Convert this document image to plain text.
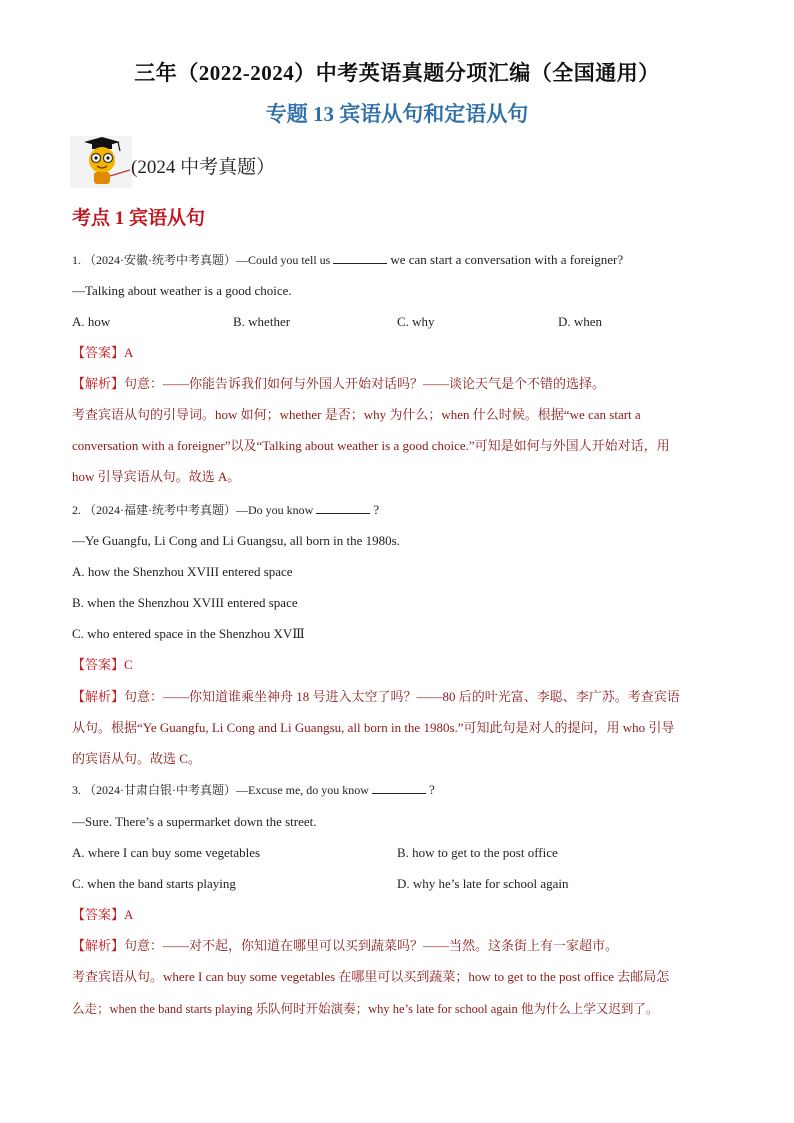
三年（2022-2024）中考英语真题分项汇编（全国通用）
专题 13 宾语从句和定语从句
(2024 中考真题）
考点 1 宾语从句
1. （2024·安徽·统考中考真题）—Could you tell us	we can start a conversation with a foreigner?
—Talking about weather is a good choice.
A. how	B. whether	C. why	D. when
【答案】A
【解析】句意：——你能告诉我们如何与外国人开始对话吗？——谈论天气是个不错的选择。
考查宾语从句的引导词。how 如何；whether 是否；why 为什么；when 什么时候。根据“we can start a
conversation with a foreigner”以及“Talking about weather is a good choice.”可知是如何与外国人开始对话，用
how 引导宾语从句。故选 A。
2. （2024·福建·统考中考真题）—Do you know	?
—Ye Guangfu, Li Cong and Li Guangsu, all born in the 1980s.
A. how the Shenzhou XVIII entered space
B. when the Shenzhou XVIII entered space
C. who entered space in the Shenzhou XVⅢ
【答案】C
【解析】句意：——你知道谁乘坐神舟 18 号进入太空了吗？——80 后的叶光富、李聪、李广苏。考查宾语
从句。根据“Ye Guangfu, Li Cong and Li Guangsu, all born in the 1980s.”可知此句是对人的提问，用 who 引导
的宾语从句。故选 C。
3. （2024·甘肃白银·中考真题）—Excuse me, do you know	?
—Sure. There’s a supermarket down the street.
A. where I can buy some vegetables	B. how to get to the post office
C. when the band starts playing	D. why he’s late for school again
【答案】A
【解析】句意：——对不起，你知道在哪里可以买到蔬菜吗？——当然。这条街上有一家超市。
考查宾语从句。where I can buy some vegetables 在哪里可以买到蔬菜；how to get to the post office 去邮局怎
么走；when the band starts playing 乐队何时开始演奏；why he’s late for school again 他为什么上学又迟到了。
